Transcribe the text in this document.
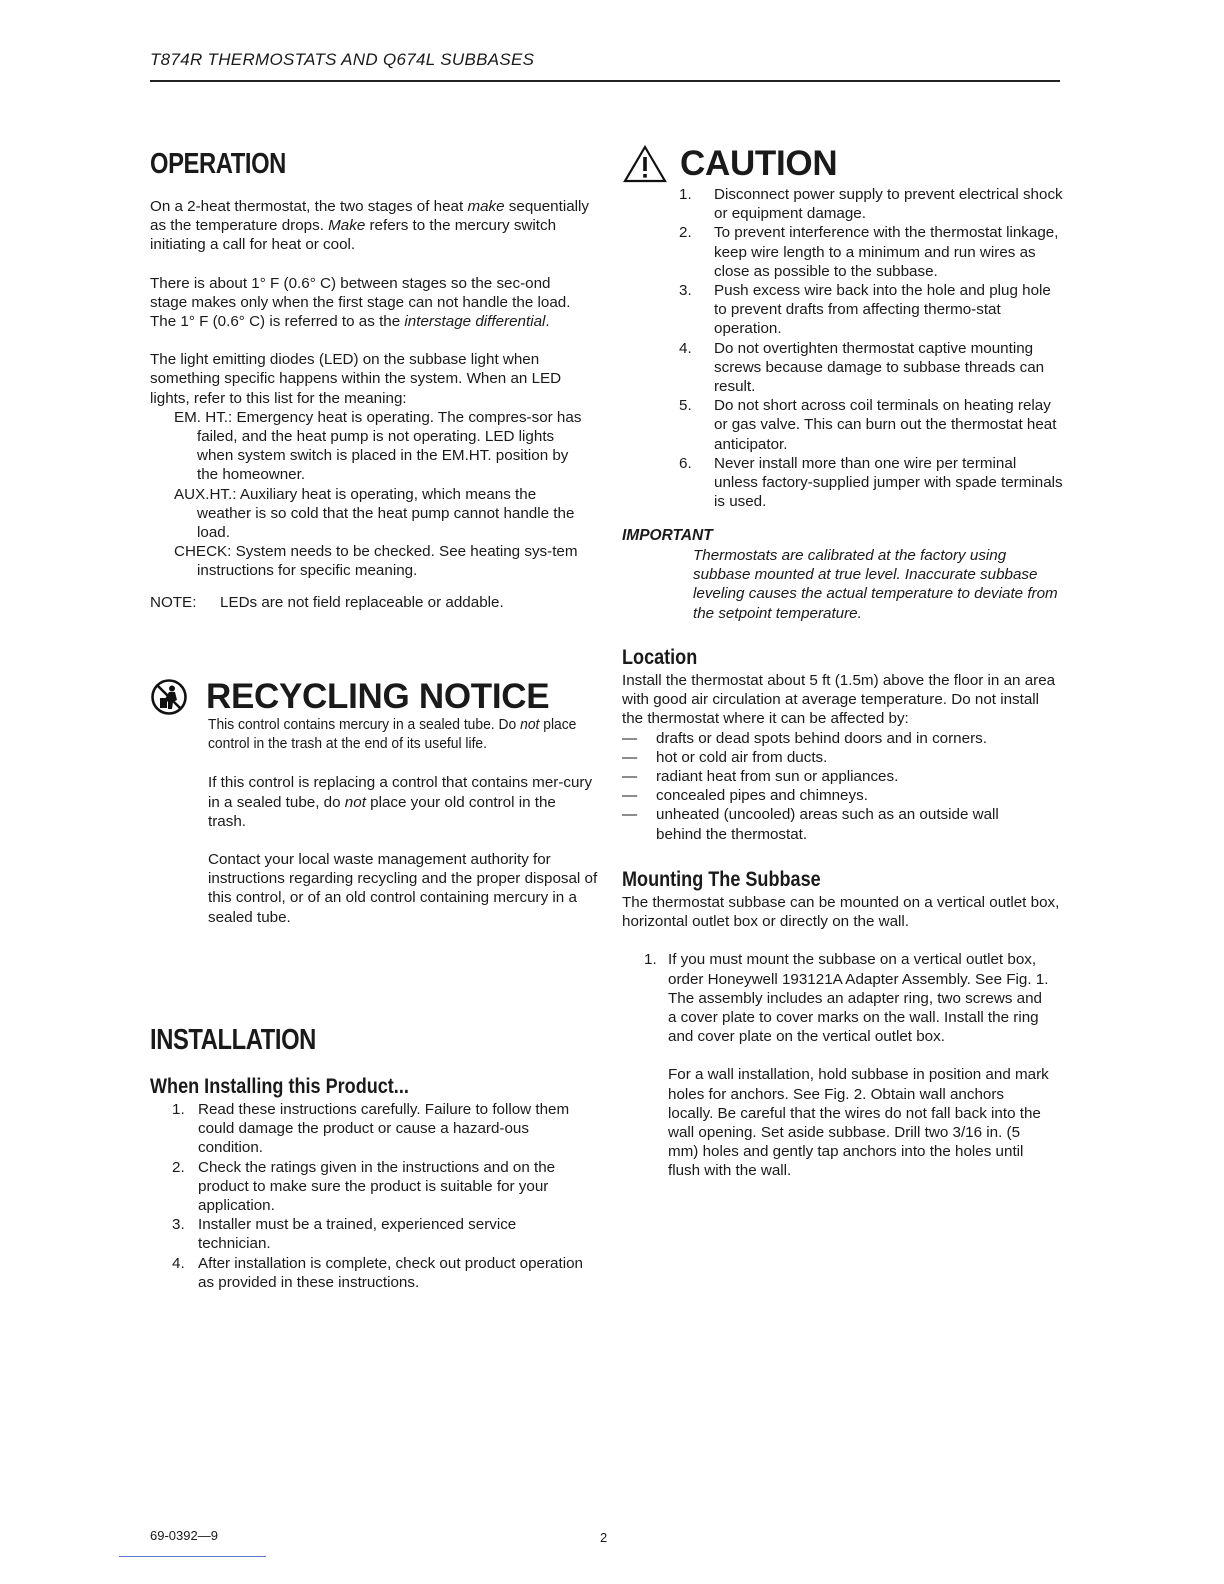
T874R THERMOSTATS AND Q674L SUBBASES
OPERATION

On a 2-heat thermostat, the two stages of heat make sequentially as the temperature drops. Make refers to the mercury switch initiating a call for heat or cool.

There is about 1° F (0.6° C) between stages so the sec-ond stage makes only when the first stage can not handle the load. The 1° F (0.6° C) is referred to as the interstage differential.

The light emitting diodes (LED) on the subbase light when something specific happens within the system. When an LED lights, refer to this list for the meaning:

EM. HT.: Emergency heat is operating. The compres-sor has failed, and the heat pump is not operating. LED lights when system switch is placed in the EM.HT. position by the homeowner.

AUX.HT.: Auxiliary heat is operating, which means the weather is so cold that the heat pump cannot handle the load.

CHECK: System needs to be checked. See heating sys-tem instructions for specific meaning.

NOTE:	LEDs are not field replaceable or addable.

RECYCLING NOTICE

This control contains mercury in a sealed tube. Do not place control in the trash at the end of its useful life.

If this control is replacing a control that contains mer-cury in a sealed tube, do not place your old control in the trash.

Contact your local waste management authority for instructions regarding recycling and the proper disposal of this control, or of an old control containing mercury in a sealed tube.

INSTALLATION
When Installing this Product...
1. Read these instructions carefully. Failure to follow them could damage the product or cause a hazard-ous condition.
2. Check the ratings given in the instructions and on the product to make sure the product is suitable for your application.
3. Installer must be a trained, experienced service technician.
4. After installation is complete, check out product operation as provided in these instructions.
CAUTION
1.	Disconnect power supply to prevent electrical shock or equipment damage.
2.	To prevent interference with the thermostat linkage, keep wire length to a minimum and run wires as close as possible to the subbase.
3.	Push excess wire back into the hole and plug hole to prevent drafts from affecting thermo-stat operation.
4.	Do not overtighten thermostat captive mounting screws because damage to subbase threads can result.
5.	Do not short across coil terminals on heating relay or gas valve. This can burn out the thermostat heat anticipator.
6.	Never install more than one wire per terminal unless factory-supplied jumper with spade terminals is used.
IMPORTANT

Thermostats are calibrated at the factory using subbase mounted at true level. Inaccurate subbase leveling causes the actual temperature to deviate from the setpoint temperature.

Location

Install the thermostat about 5 ft (1.5m) above the floor in an area with good air circulation at average temperature. Do not install the thermostat where it can be affected by:

—	drafts or dead spots behind doors and in corners.
—	hot or cold air from ducts.
—	radiant heat from sun or appliances.
—	concealed pipes and chimneys.
—	unheated (uncooled) areas such as an outside wall behind the thermostat.
Mounting The Subbase

The thermostat subbase can be mounted on a vertical outlet box, horizontal outlet box or directly on the wall.

1. If you must mount the subbase on a vertical outlet box, order Honeywell 193121A Adapter Assembly. See Fig. 1. The assembly includes an adapter ring, two screws and a cover plate to cover marks on the wall. Install the ring and cover plate on the vertical outlet box.

For a wall installation, hold subbase in position and mark holes for anchors. See Fig. 2. Obtain wall anchors locally. Be careful that the wires do not fall back into the wall opening. Set aside subbase. Drill two 3/16 in. (5 mm) holes and gently tap anchors into the holes until flush with the wall.

69-0392—9	2
